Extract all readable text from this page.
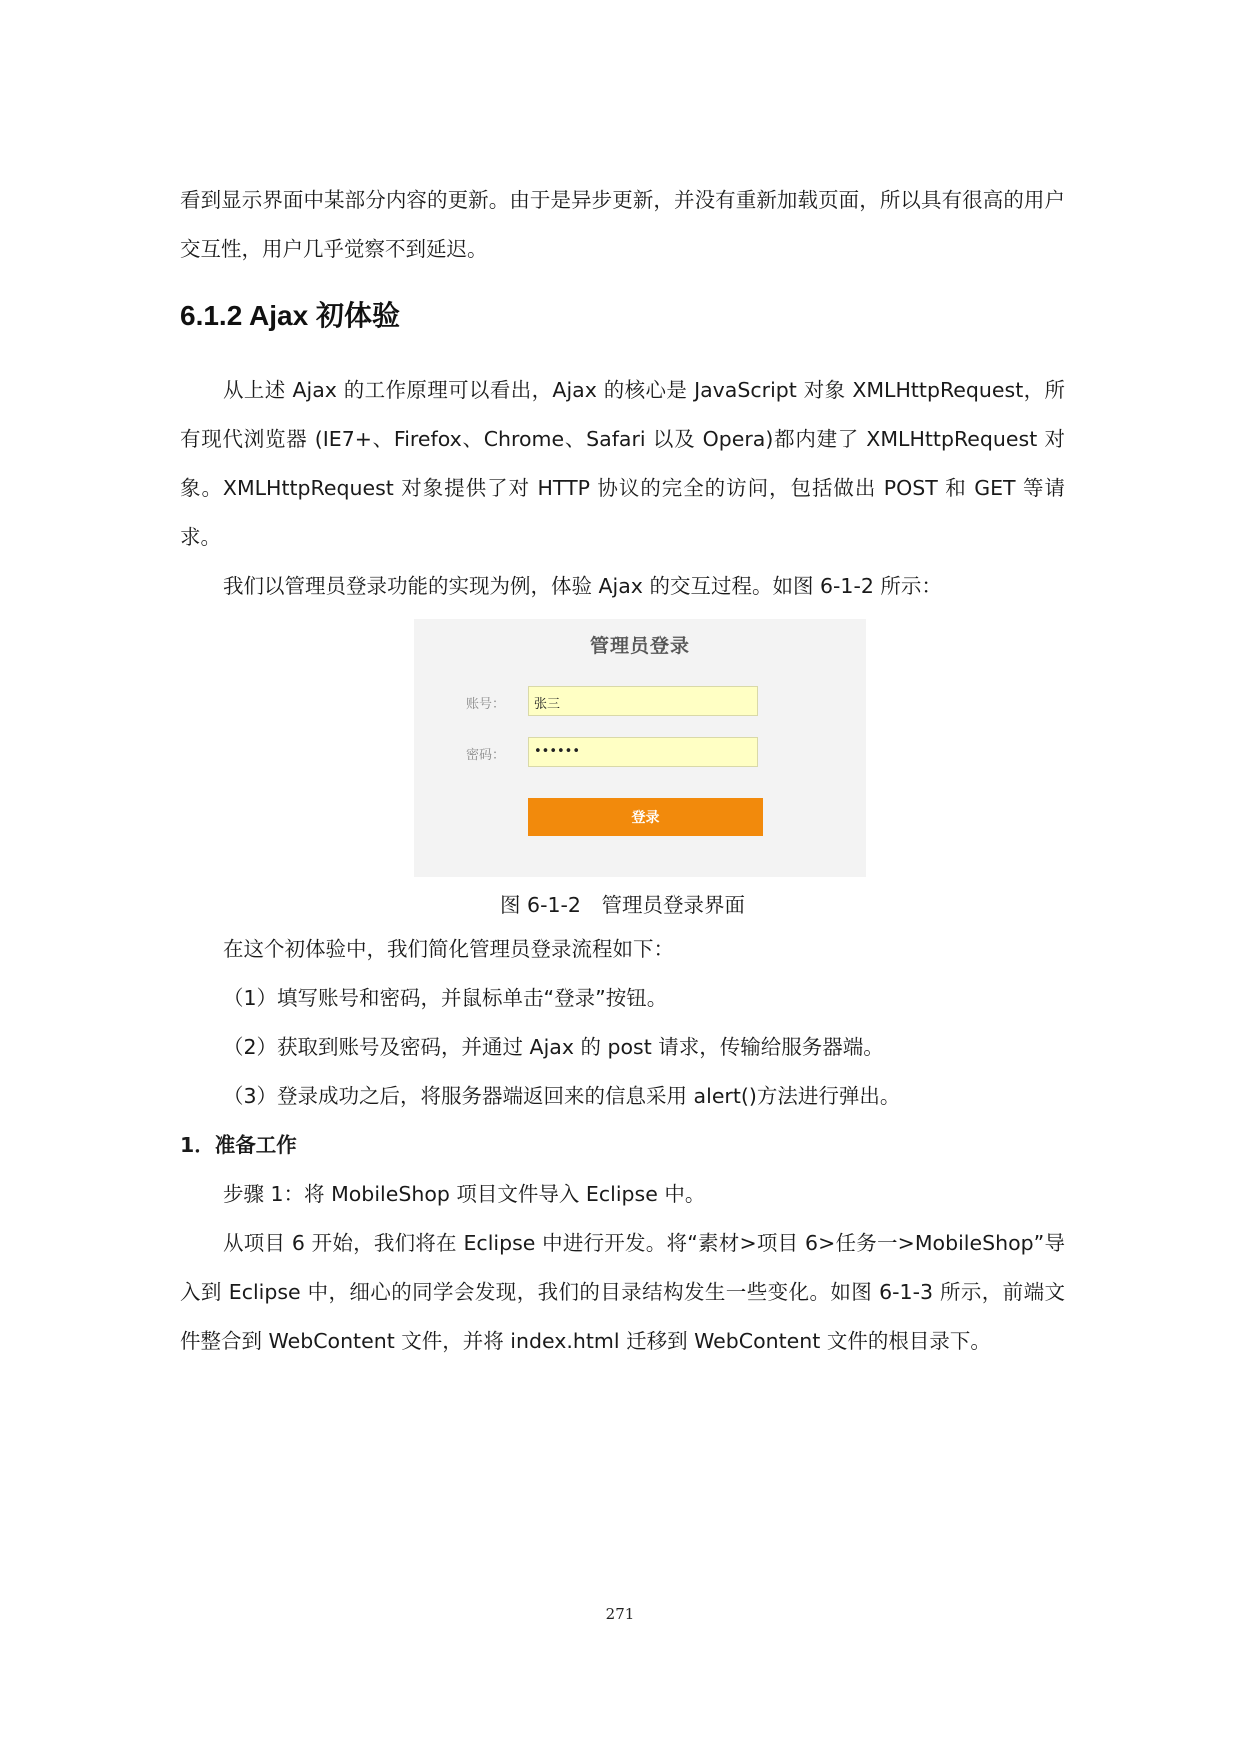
看到显示界面中某部分内容的更新。由于是异步更新，并没有重新加载页面，所以具有很高的用户交互性，用户几乎觉察不到延迟。

6.1.2 Ajax 初体验

从上述 Ajax 的工作原理可以看出，Ajax 的核心是 JavaScript 对象 XMLHttpRequest，所有现代浏览器 (IE7+、Firefox、Chrome、Safari 以及 Opera)都内建了 XMLHttpRequest 对象。XMLHttpRequest 对象提供了对 HTTP 协议的完全的访问，包括做出 POST 和 GET 等请求。

我们以管理员登录功能的实现为例，体验 Ajax 的交互过程。如图 6-1-2 所示：

管理员登录
账号：	张三
密码：	••••••
登录

图 6-1-2　管理员登录界面

在这个初体验中，我们简化管理员登录流程如下：

（1）填写账号和密码，并鼠标单击“登录”按钮。

（2）获取到账号及密码，并通过 Ajax 的 post 请求，传输给服务器端。

（3）登录成功之后，将服务器端返回来的信息采用 alert()方法进行弹出。

1．准备工作

步骤 1：将 MobileShop 项目文件导入 Eclipse 中。

从项目 6 开始，我们将在 Eclipse 中进行开发。将“素材>项目 6>任务一>MobileShop”导入到 Eclipse 中，细心的同学会发现，我们的目录结构发生一些变化。如图 6-1-3 所示，前端文件整合到 WebContent 文件，并将 index.html 迁移到 WebContent 文件的根目录下。

271
